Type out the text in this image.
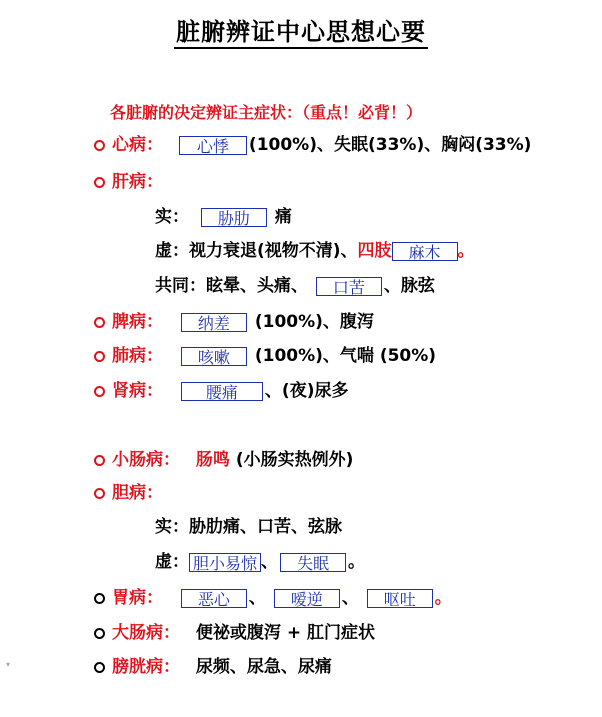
脏腑辨证中心思想心要
各脏腑的决定辨证主症状：（重点！必背！）
心病： 心悸 (100%)、失眠(33%)、胸闷(33%)
肝病：
实： 胁肋 痛
虚：视力衰退(视物不清)、四肢 麻木 。
共同：眩晕、头痛、 口苦 、脉弦
脾病： 纳差 (100%)、腹泻
肺病： 咳嗽 (100%)、气喘 (50%)
肾病：	腰痛 、(夜)尿多
小肠病： 肠鸣 (小肠实热例外)
胆病：
实：胁肋痛、口苦、弦脉
虚： 胆小易惊 、 失眠 。
胃病： 恶心 、 嗳逆 、 呕吐 。
大肠病： 便祕或腹泻 + 肛门症状
膀胱病： 尿频、尿急、尿痛
▾
